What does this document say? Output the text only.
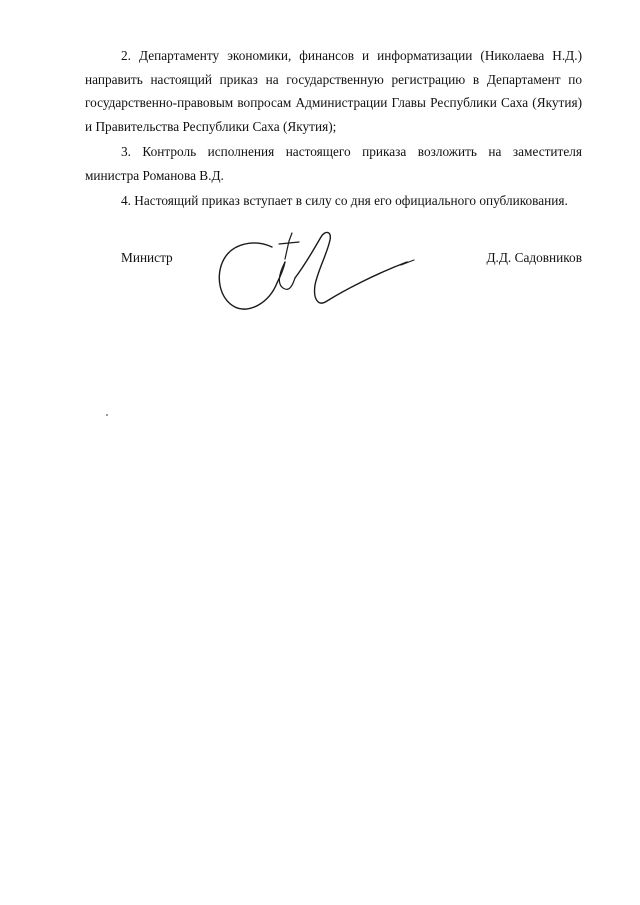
2. Департаменту экономики, финансов и информатизации (Николаева Н.Д.) направить настоящий приказ на государственную регистрацию в Департамент по государственно-правовым вопросам Администрации Главы Республики Саха (Якутия) и Правительства Республики Саха (Якутия);

3. Контроль исполнения настоящего приказа возложить на заместителя министра Романова В.Д.

4. Настоящий приказ вступает в силу со дня его официального опубликования.

Министр	Д.Д. Садовников
